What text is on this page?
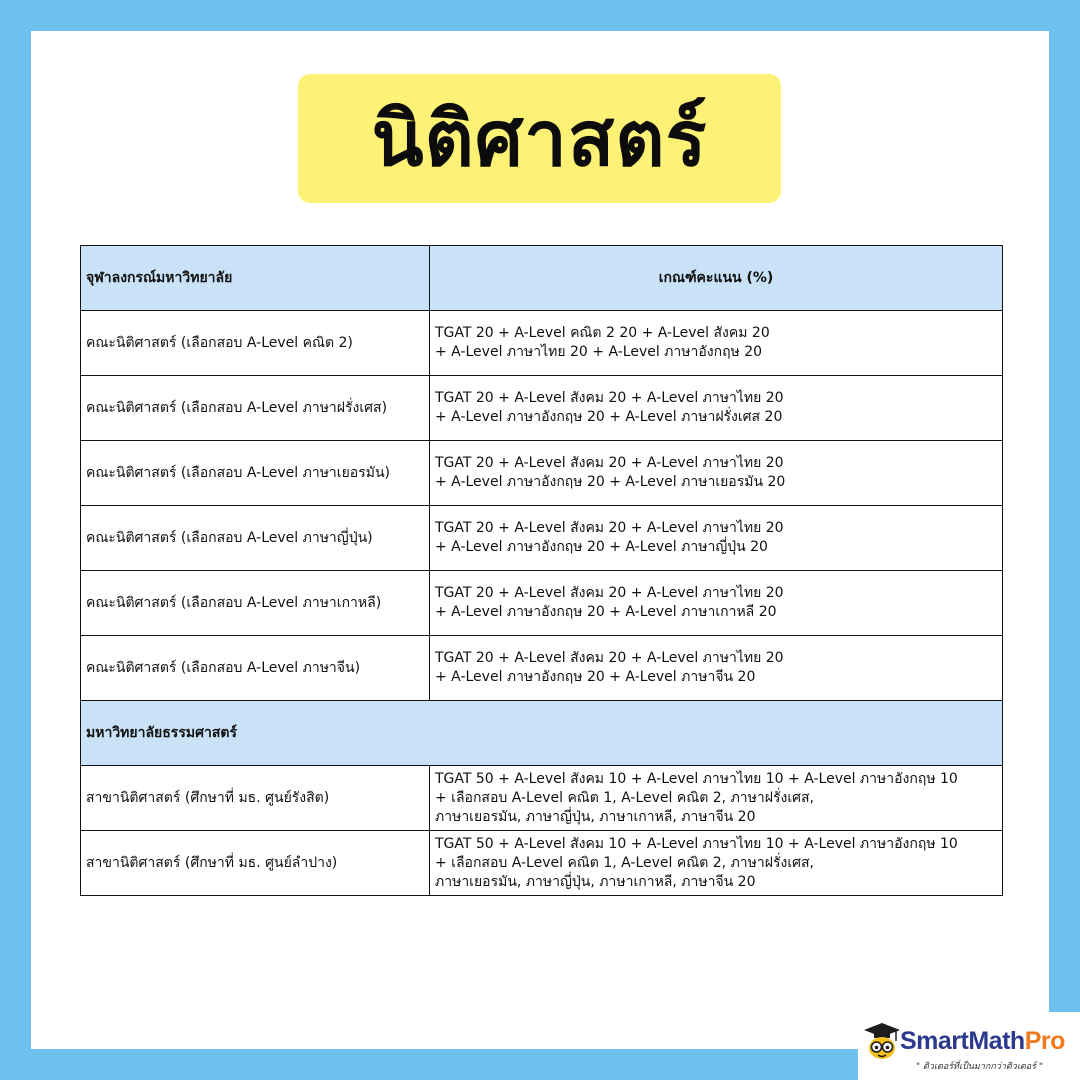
นิติศาสตร์
จุฬาลงกรณ์มหาวิทยาลัย	เกณฑ์คะแนน (%)
คณะนิติศาสตร์ (เลือกสอบ A-Level คณิต 2)	TGAT 20 + A-Level คณิต 2 20 + A-Level สังคม 20
+ A-Level ภาษาไทย 20 + A-Level ภาษาอังกฤษ 20

คณะนิติศาสตร์ (เลือกสอบ A-Level ภาษาฝรั่งเศส)	TGAT 20 + A-Level สังคม 20 + A-Level ภาษาไทย 20
+ A-Level ภาษาอังกฤษ 20 + A-Level ภาษาฝรั่งเศส 20

คณะนิติศาสตร์ (เลือกสอบ A-Level ภาษาเยอรมัน)	TGAT 20 + A-Level สังคม 20 + A-Level ภาษาไทย 20
+ A-Level ภาษาอังกฤษ 20 + A-Level ภาษาเยอรมัน 20

คณะนิติศาสตร์ (เลือกสอบ A-Level ภาษาญี่ปุ่น)	TGAT 20 + A-Level สังคม 20 + A-Level ภาษาไทย 20
+ A-Level ภาษาอังกฤษ 20 + A-Level ภาษาญี่ปุ่น 20

คณะนิติศาสตร์ (เลือกสอบ A-Level ภาษาเกาหลี)	TGAT 20 + A-Level สังคม 20 + A-Level ภาษาไทย 20
+ A-Level ภาษาอังกฤษ 20 + A-Level ภาษาเกาหลี 20

คณะนิติศาสตร์ (เลือกสอบ A-Level ภาษาจีน)	TGAT 20 + A-Level สังคม 20 + A-Level ภาษาไทย 20
+ A-Level ภาษาอังกฤษ 20 + A-Level ภาษาจีน 20

มหาวิทยาลัยธรรมศาสตร์	
สาขานิติศาสตร์ (ศึกษาที่ มธ. ศูนย์รังสิต)	TGAT 50 + A-Level สังคม 10 + A-Level ภาษาไทย 10 + A-Level ภาษาอังกฤษ 10
+ เลือกสอบ A-Level คณิต 1, A-Level คณิต 2, ภาษาฝรั่งเศส,
ภาษาเยอรมัน, ภาษาญี่ปุ่น, ภาษาเกาหลี, ภาษาจีน 20

สาขานิติศาสตร์ (ศึกษาที่ มธ. ศูนย์ลำปาง)	TGAT 50 + A-Level สังคม 10 + A-Level ภาษาไทย 10 + A-Level ภาษาอังกฤษ 10
+ เลือกสอบ A-Level คณิต 1, A-Level คณิต 2, ภาษาฝรั่งเศส,
ภาษาเยอรมัน, ภาษาญี่ปุ่น, ภาษาเกาหลี, ภาษาจีน 20
SmartMathPro
" ติวเตอร์ที่เป็นมากกว่าติวเตอร์ "
